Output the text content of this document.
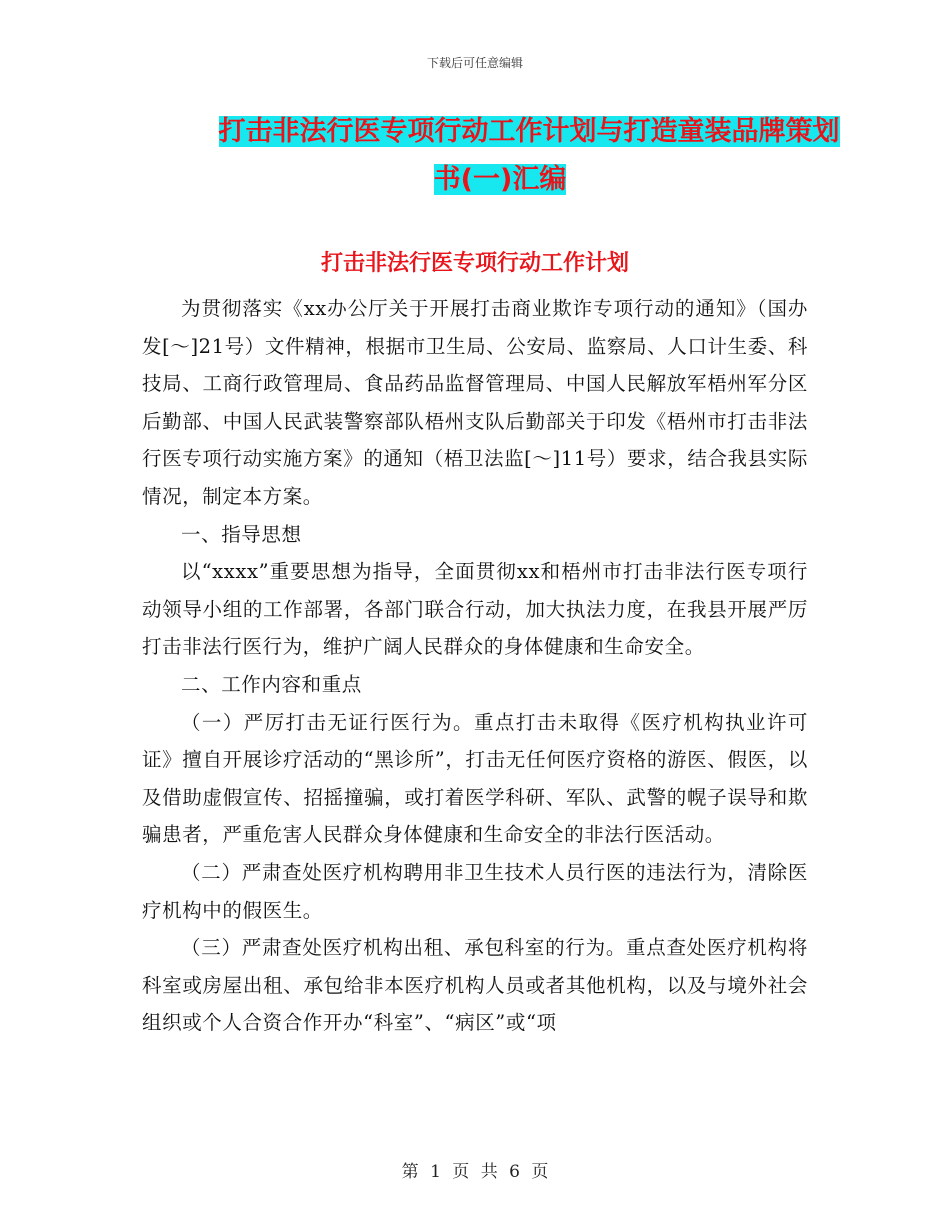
下载后可任意编辑
打击非法行医专项行动工作计划与打造童装品牌策划
书(一)汇编
打击非法行医专项行动工作计划

为贯彻落实《xx办公厅关于开展打击商业欺诈专项行动的通知》（国办发[～]21号）文件精神，根据市卫生局、公安局、监察局、人口计生委、科技局、工商行政管理局、食品药品监督管理局、中国人民解放军梧州军分区后勤部、中国人民武装警察部队梧州支队后勤部关于印发《梧州市打击非法行医专项行动实施方案》的通知（梧卫法监[～]11号）要求，结合我县实际情况，制定本方案。

一、指导思想

以“xxxx”重要思想为指导，全面贯彻xx和梧州市打击非法行医专项行动领导小组的工作部署，各部门联合行动，加大执法力度，在我县开展严厉打击非法行医行为，维护广阔人民群众的身体健康和生命安全。

二、工作内容和重点

（一）严厉打击无证行医行为。重点打击未取得《医疗机构执业许可证》擅自开展诊疗活动的“黑诊所”，打击无任何医疗资格的游医、假医，以及借助虚假宣传、招摇撞骗，或打着医学科研、军队、武警的幌子误导和欺骗患者，严重危害人民群众身体健康和生命安全的非法行医活动。

（二）严肃查处医疗机构聘用非卫生技术人员行医的违法行为，清除医疗机构中的假医生。

（三）严肃查处医疗机构出租、承包科室的行为。重点查处医疗机构将科室或房屋出租、承包给非本医疗机构人员或者其他机构，以及与境外社会组织或个人合资合作开办“科室”、“病区”或“项

第 1 页 共 6 页
